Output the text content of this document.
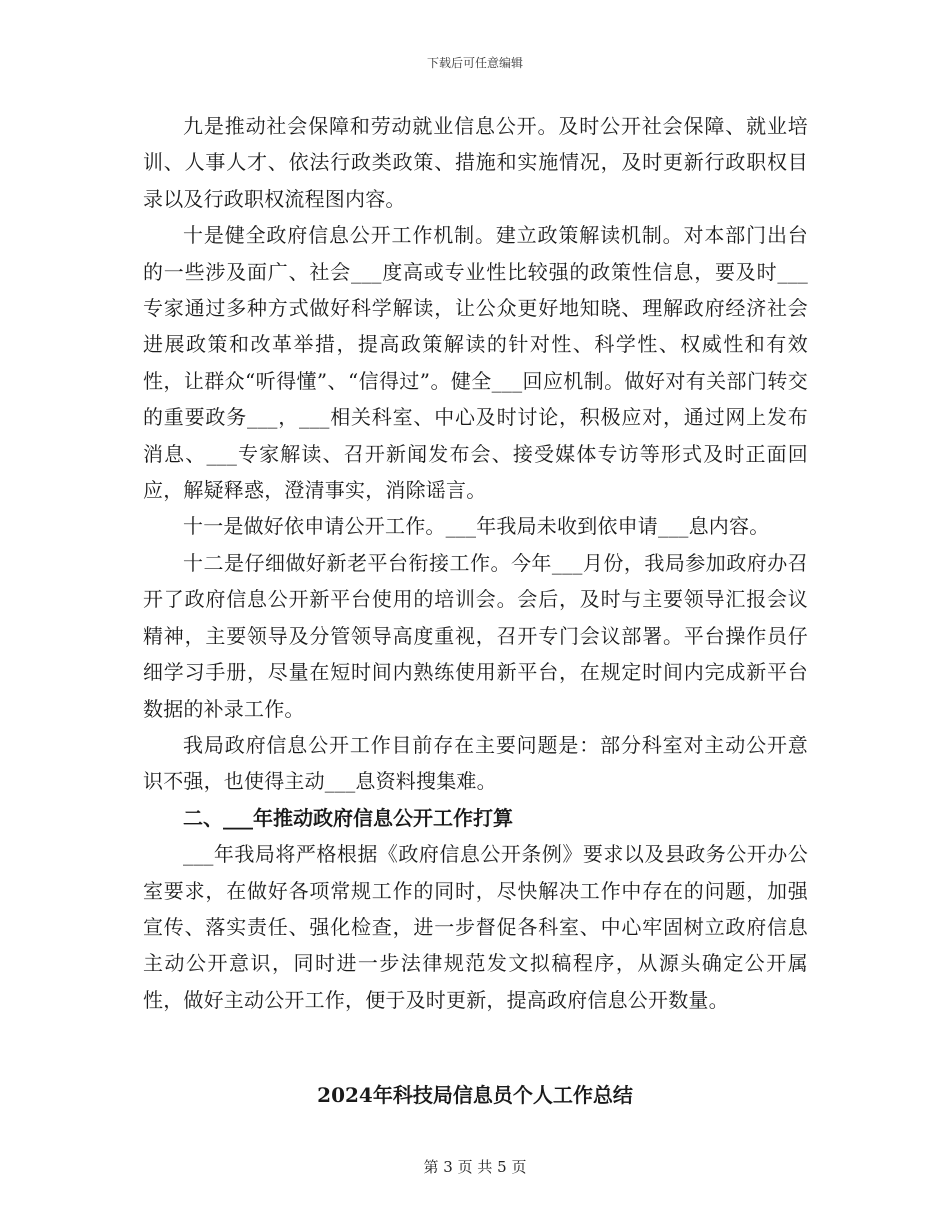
下载后可任意编辑

九是推动社会保障和劳动就业信息公开。及时公开社会保障、就业培训、人事人才、依法行政类政策、措施和实施情况，及时更新行政职权目录以及行政职权流程图内容。

十是健全政府信息公开工作机制。建立政策解读机制。对本部门出台的一些涉及面广、社会___度高或专业性比较强的政策性信息，要及时___专家通过多种方式做好科学解读，让公众更好地知晓、理解政府经济社会进展政策和改革举措，提高政策解读的针对性、科学性、权威性和有效性，让群众“听得懂”、“信得过”。健全___回应机制。做好对有关部门转交的重要政务___，___相关科室、中心及时讨论，积极应对，通过网上发布消息、___专家解读、召开新闻发布会、接受媒体专访等形式及时正面回应，解疑释惑，澄清事实，消除谣言。

十一是做好依申请公开工作。___年我局未收到依申请___息内容。

十二是仔细做好新老平台衔接工作。今年___月份，我局参加政府办召开了政府信息公开新平台使用的培训会。会后，及时与主要领导汇报会议精神，主要领导及分管领导高度重视，召开专门会议部署。平台操作员仔细学习手册，尽量在短时间内熟练使用新平台，在规定时间内完成新平台数据的补录工作。

我局政府信息公开工作目前存在主要问题是：部分科室对主动公开意识不强，也使得主动___息资料搜集难。

二、___年推动政府信息公开工作打算

___年我局将严格根据《政府信息公开条例》要求以及县政务公开办公室要求，在做好各项常规工作的同时，尽快解决工作中存在的问题，加强宣传、落实责任、强化检查，进一步督促各科室、中心牢固树立政府信息主动公开意识，同时进一步法律规范发文拟稿程序，从源头确定公开属性，做好主动公开工作，便于及时更新，提高政府信息公开数量。

2024年科技局信息员个人工作总结
第 3 页 共 5 页
